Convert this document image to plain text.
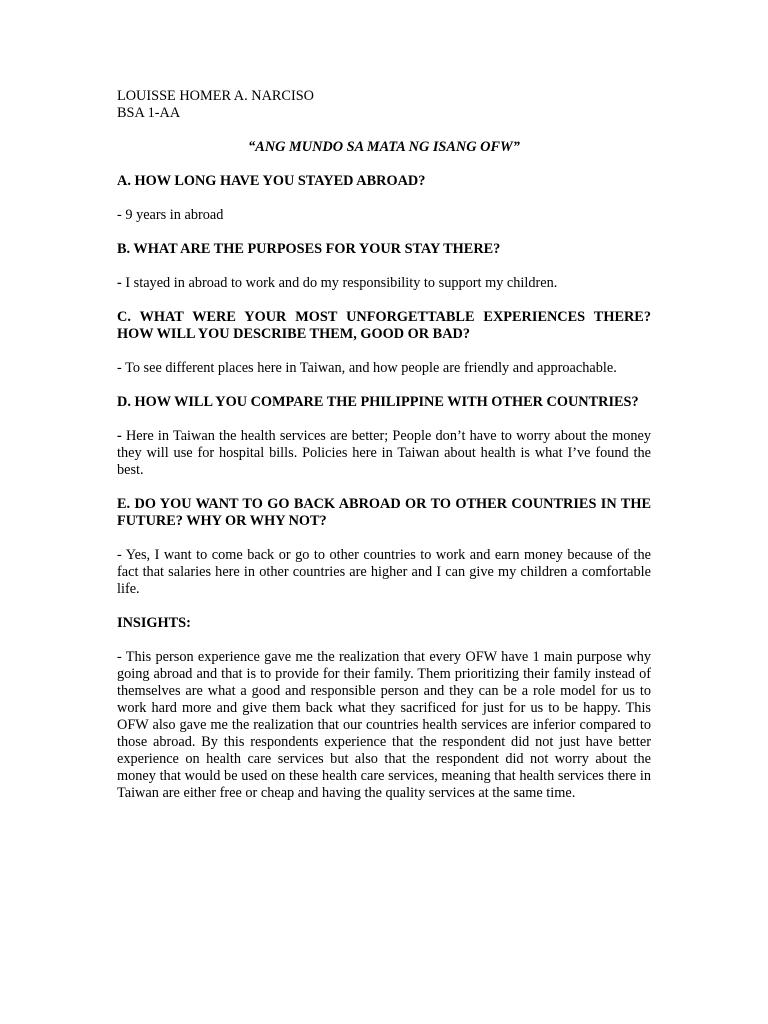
LOUISSE HOMER A. NARCISO

BSA 1-AA

“ANG MUNDO SA MATA NG ISANG OFW”

A. HOW LONG HAVE YOU STAYED ABROAD?

- 9 years in abroad

B. WHAT ARE THE PURPOSES FOR YOUR STAY THERE?

- I stayed in abroad to work and do my responsibility to support my children.

C. WHAT WERE YOUR MOST UNFORGETTABLE EXPERIENCES THERE? HOW WILL YOU DESCRIBE THEM, GOOD OR BAD?

- To see different places here in Taiwan, and how people are friendly and approachable.

D. HOW WILL YOU COMPARE THE PHILIPPINE WITH OTHER COUNTRIES?

- Here in Taiwan the health services are better; People don’t have to worry about the money they will use for hospital bills. Policies here in Taiwan about health is what I’ve found the best.

E. DO YOU WANT TO GO BACK ABROAD OR TO OTHER COUNTRIES IN THE FUTURE? WHY OR WHY NOT?

- Yes, I want to come back or go to other countries to work and earn money because of the fact that salaries here in other countries are higher and I can give my children a comfortable life.

INSIGHTS:

- This person experience gave me the realization that every OFW have 1 main purpose why going abroad and that is to provide for their family. Them prioritizing their family instead of themselves are what a good and responsible person and they can be a role model for us to work hard more and give them back what they sacrificed for just for us to be happy. This OFW also gave me the realization that our countries health services are inferior compared to those abroad. By this respondents experience that the respondent did not just have better experience on health care services but also that the respondent did not worry about the money that would be used on these health care services, meaning that health services there in Taiwan are either free or cheap and having the quality services at the same time.
